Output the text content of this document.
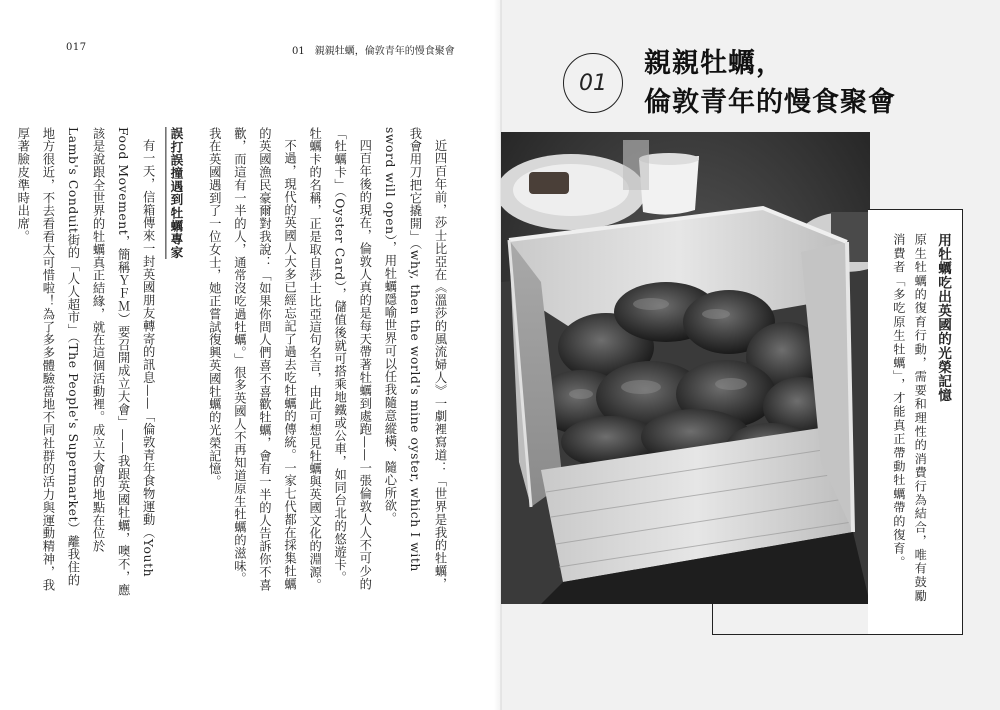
017	01　親親牡蠣，倫敦青年的慢食聚會

近四百年前，莎士比亞在《溫莎的風流婦人》一劇裡寫道：「世界是我的牡蠣，我會用刀把它撬開」（why, then the world's mine oyster, which I with sword will open），用牡蠣隱喻世界可以任我隨意縱橫、隨心所欲。

四百年後的現在，倫敦人真的是每天帶著牡蠣到處跑——一張倫敦人人不可少的「牡蠣卡」（Oyster Card），儲值後就可搭乘地鐵或公車，如同台北的悠遊卡。牡蠣卡的名稱，正是取自莎士比亞這句名言，由此可想見牡蠣與英國文化的淵源。

不過，現代的英國人大多已經忘記了過去吃牡蠣的傳統。一家七代都在採集牡蠣的英國漁民豪爾對我說：「如果你問人們喜不喜歡牡蠣，會有一半的人告訴你不喜歡，而這有一半的人，通常沒吃過牡蠣。」很多英國人不再知道原生牡蠣的滋味。我在英國遇到了一位女士，她正嘗試復興英國牡蠣的光榮記憶。

誤打誤撞遇到牡蠣專家

有一天，信箱傳來一封英國朋友轉寄的訊息——「倫敦青年食物運動（Youth Food Movement，簡稱ＹＦＭ）要召開成立大會」——我跟英國牡蠣，噢不，應該是說跟全世界的牡蠣真正結緣，就在這個活動裡。成立大會的地點在位於Lamb's Conduit街的「人人超市」（The People's Supermarket）離我住的地方很近，不去看看太可惜啦！為了多多體驗當地不同社群的活力與運動精神，我厚著臉皮準時出席。

01
親親牡蠣，
倫敦青年的慢食聚會

用牡蠣吃出英國的光榮記憶

原生牡蠣的復育行動，需要和理性的消費行為結合，唯有鼓勵消費者「多吃原生牡蠣」，才能真正帶動牡蠣帶的復育。
